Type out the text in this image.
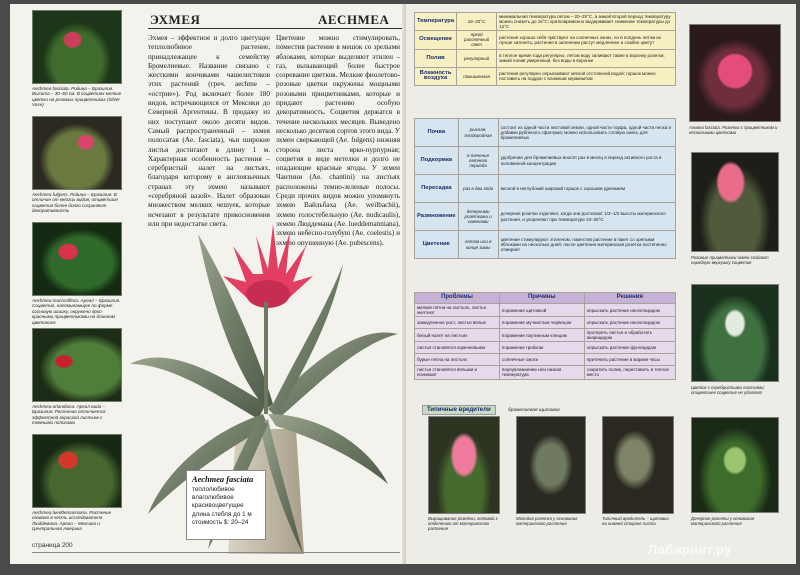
Aechmea fasciata. Родина – Бразилия. Высота – 30–60 см. В соцветиях мелкие цветки на розовых прицветниках (Silver Vase)
Aechmea fulgens. Родина – Бразилия. В отличие от многих видов, отцветшие соцветия более долго сохраняют декоративность
Aechmea mucroniflora. Ареал – Бразилия. Соцветие, напоминающее по форме сосновую шишку, окружено ярко-красными прицветниками на длинном цветоносе
Aechmea orlandiana. Ареал вида – Бразилия. Растение отличается эффектной окраской листьев с темными полосами
Aechmea lueddemanniana. Растение названо в честь исследователя Люддемана. Ареал – Мексика и Центральная Америка
ЭХМЕЯ	AECHMEA
Эхмея – эффектное и долго цветущее теплолюбивое растение, принадлежащее к семейству Бромелиевые. Название связано с жесткими кончиками чашелистиков этих растений (греч. aechme – «острие»). Род включает более 180 видов, встречающихся от Мексики до Северной Аргентины. В продажу из них поступают около десяти видов. Самый распространенный – эхмея полосатая (Ae. fasciata), чьи широкие листья достигают в длину 1 м. Характерная особенность растения – серебристый налет на листьях, благодаря которому в англоязычных странах эту эхмею называют «серебряной вазой». Налет образован множеством мелких чешуек, которые исчезают в результате прикосновения или при недостатке света.
Цветение можно стимулировать, поместив растение в мешок со зрелыми яблоками, которые выделяют этилен – газ, вызывающий более быстрое созревание цветков. Мелкие фиолетово-розовые цветки окружены мощными розовыми прицветниками, которые и придают растению особую декоративность. Соцветия держатся в течение нескольких месяцев. Выведено несколько десятков сортов этого вида. У эхмеи сверкающей (Ae. fulgens) нижняя сторона листа ярко-пурпурная; соцветия в виде метелки и долго не опадающие красные ягоды. У эхмеи Чантини (Ae. chantini) на листьях расположены темно-зеленые полосы. Среди прочих видов можно упомянуть эхмею Вайльбаха (Ae. weilbachii), эхмею голостебельную (Ae. nudicaulis), эхмею Люддемана (Ae. lueddemanniana), эхмею небесно-голубую (Ae. coelestis) и эхмею опушенную (Ae. pubescens).
Aechmea fasciata
теплолюбивое
влаголюбивое
красивоцветущее
длина стебля до 1 м
стоимость $: 20–24
страница 200
Температура	16–25°С	минимальная температура летом – 20–25°С, а зимой второй период температуру можно снизить до 16°С; кратковременно выдерживает снижение температуры до 12°С
Освещение	яркий рассеянный свет	растения хорошо себя чувствуют на солнечных окнах, но в полдень летом их лучше затенять; растения в затенении растут медленнее и слабее цветут
Полив	регулярный	в теплое время года регулярно, летом воду заливают также в воронку розетки; зимой полив умеренный, без воды в воронке
Влажность воздуха	повышенная	растения регулярно опрыскивают мягкой отстоянной водой; горшок можно поставить на поддон с влажным керамзитом
Почва	рыхлая, плодородная	состоит из одной части листовой земли, одной части торфа, одной части песка и добавки рубленого сфагнума; можно использовать готовую смесь для бромелиевых
Подкормка	в течение летнего периода	удобрение для бромелиевых вносят раз в месяц в период активного роста в половинной концентрации
Пересадка	раз в два года	весной в неглубокий широкий горшок с хорошим дренажем
Размножение	дочерними розетками и семенами	дочерние розетки отделяют, когда они достигают 1/3–1/2 высоты материнского растения, и укореняют при температуре 24–26°С
Цветение	летом или в конце зимы	цветение стимулируют этиленом, поместив растение в пакет со зрелыми яблоками на несколько дней; после цветения материнская розетка постепенно отмирает
Проблемы	Причины	Решения
мелкие пятна на листьях, листья желтеют	поражение щитовкой	опрыскать растение инсектицидом
замедленное рост, листья вялые	поражение мучнистым червецом	опрыскать растение инсектицидом
белый налет на листьях	поражение паутинным клещом	протереть листья и обработать акарицидом
листья становятся коричневыми	поражение грибком	опрыскать растение фунгицидом
бурые пятна на листьях	солнечные ожоги	притенить растение в жаркие часы
листья становятся вялыми и поникают	переувлажнение или низкая температура	сократить полив, переставить в теплое место
Типичные вредители	бромелиевая щитовка
Аэхмеа fasciata. Розетка с прицветником и несколькими цветками
Розовые прицветники эхмеи создают нарядную верхушку соцветия
Цветок с серебристыми листьями; отцветшее соцветие не удаляют
Дочерние розетки у основания материнского растения
Выращивание розетки, готовой к отделению от материнского растения
Молодая розетка у основания материнского растения
Типичный вредитель – щитовка на нижней стороне листа
Лабиринт.ру
